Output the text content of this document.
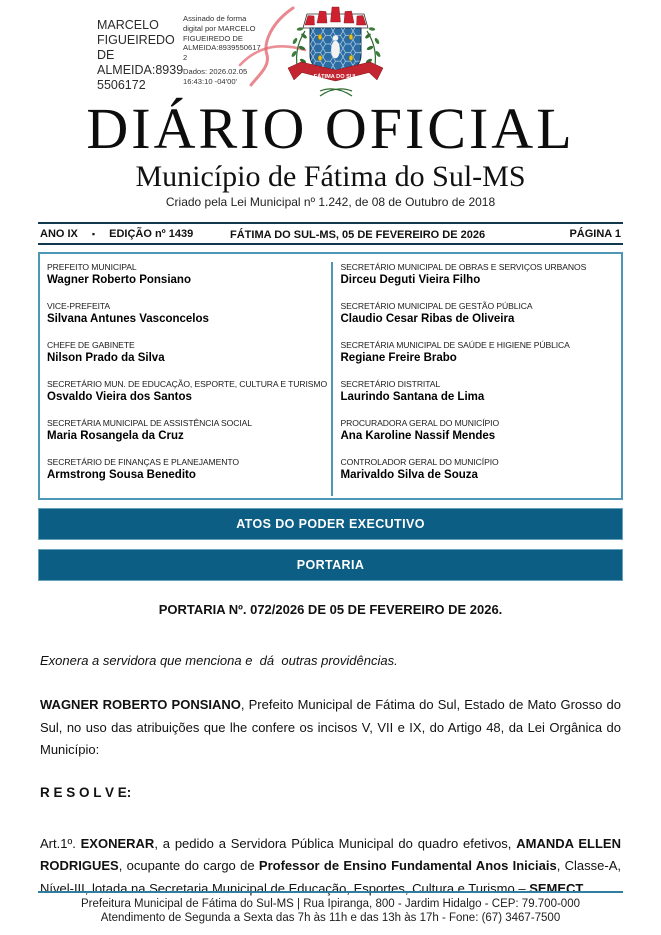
MARCELO
FIGUEIREDO DE
ALMEIDA:8939
5506172
Assinado de forma
digital por MARCELO
FIGUEIREDO DE
ALMEIDA:8939550617
2
Dados: 2026.02.05
16:43:10 -04'00'	FÁTIMA DO SUL
DIÁRIO OFICIAL
Município de Fátima do Sul-MS
Criado pela Lei Municipal nº 1.242, de 08 de Outubro de 2018
ANO IX ▪ EDIÇÃO nº 1439	FÁTIMA DO SUL-MS, 05 DE FEVEREIRO DE 2026	PÁGINA 1
PREFEITO MUNICIPAL
Wagner Roberto Ponsiano
VICE-PREFEITA
Silvana Antunes Vasconcelos
CHEFE DE GABINETE
Nilson Prado da Silva
SECRETÁRIO MUN. DE EDUCAÇÃO, ESPORTE, CULTURA E TURISMO
Osvaldo Vieira dos Santos
SECRETÁRIA MUNICIPAL DE ASSISTÊNCIA SOCIAL
Maria Rosangela da Cruz
SECRETÁRIO DE FINANÇAS E PLANEJAMENTO
Armstrong Sousa Benedito
SECRETÁRIO MUNICIPAL DE OBRAS E SERVIÇOS URBANOS
Dirceu Deguti Vieira Filho
SECRETÁRIO MUNICIPAL DE GESTÃO PÚBLICA
Claudio Cesar Ribas de Oliveira
SECRETÁRIA MUNICIPAL DE SAÚDE E HIGIENE PÚBLICA
Regiane Freire Brabo
SECRETÁRIO DISTRITAL
Laurindo Santana de Lima
PROCURADORA GERAL DO MUNICÍPIO
Ana Karoline Nassif Mendes
CONTROLADOR GERAL DO MUNICÍPIO
Marivaldo Silva de Souza
ATOS DO PODER EXECUTIVO
PORTARIA
PORTARIA Nº. 072/2026 DE 05 DE FEVEREIRO DE 2026.
Exonera a servidora que menciona e  dá  outras providências.

WAGNER ROBERTO PONSIANO, Prefeito Municipal de Fátima do Sul, Estado de Mato Grosso do Sul, no uso das atribuições que lhe confere os incisos V, VII e IX, do Artigo 48, da Lei Orgânica do Município:

R E S O L V E:

Art.1º. EXONERAR, a pedido a Servidora Pública Municipal do quadro efetivos, AMANDA ELLEN RODRIGUES, ocupante do cargo de Professor de Ensino Fundamental Anos Iniciais, Classe-A, Nível-III, lotada na Secretaria Municipal de Educação, Esportes, Cultura e Turismo – SEMECT.

Prefeitura Municipal de Fátima do Sul-MS | Rua Ipiranga, 800 - Jardim Hidalgo - CEP: 79.700-000
Atendimento de Segunda a Sexta das 7h às 11h e das 13h às 17h - Fone: (67) 3467-7500
